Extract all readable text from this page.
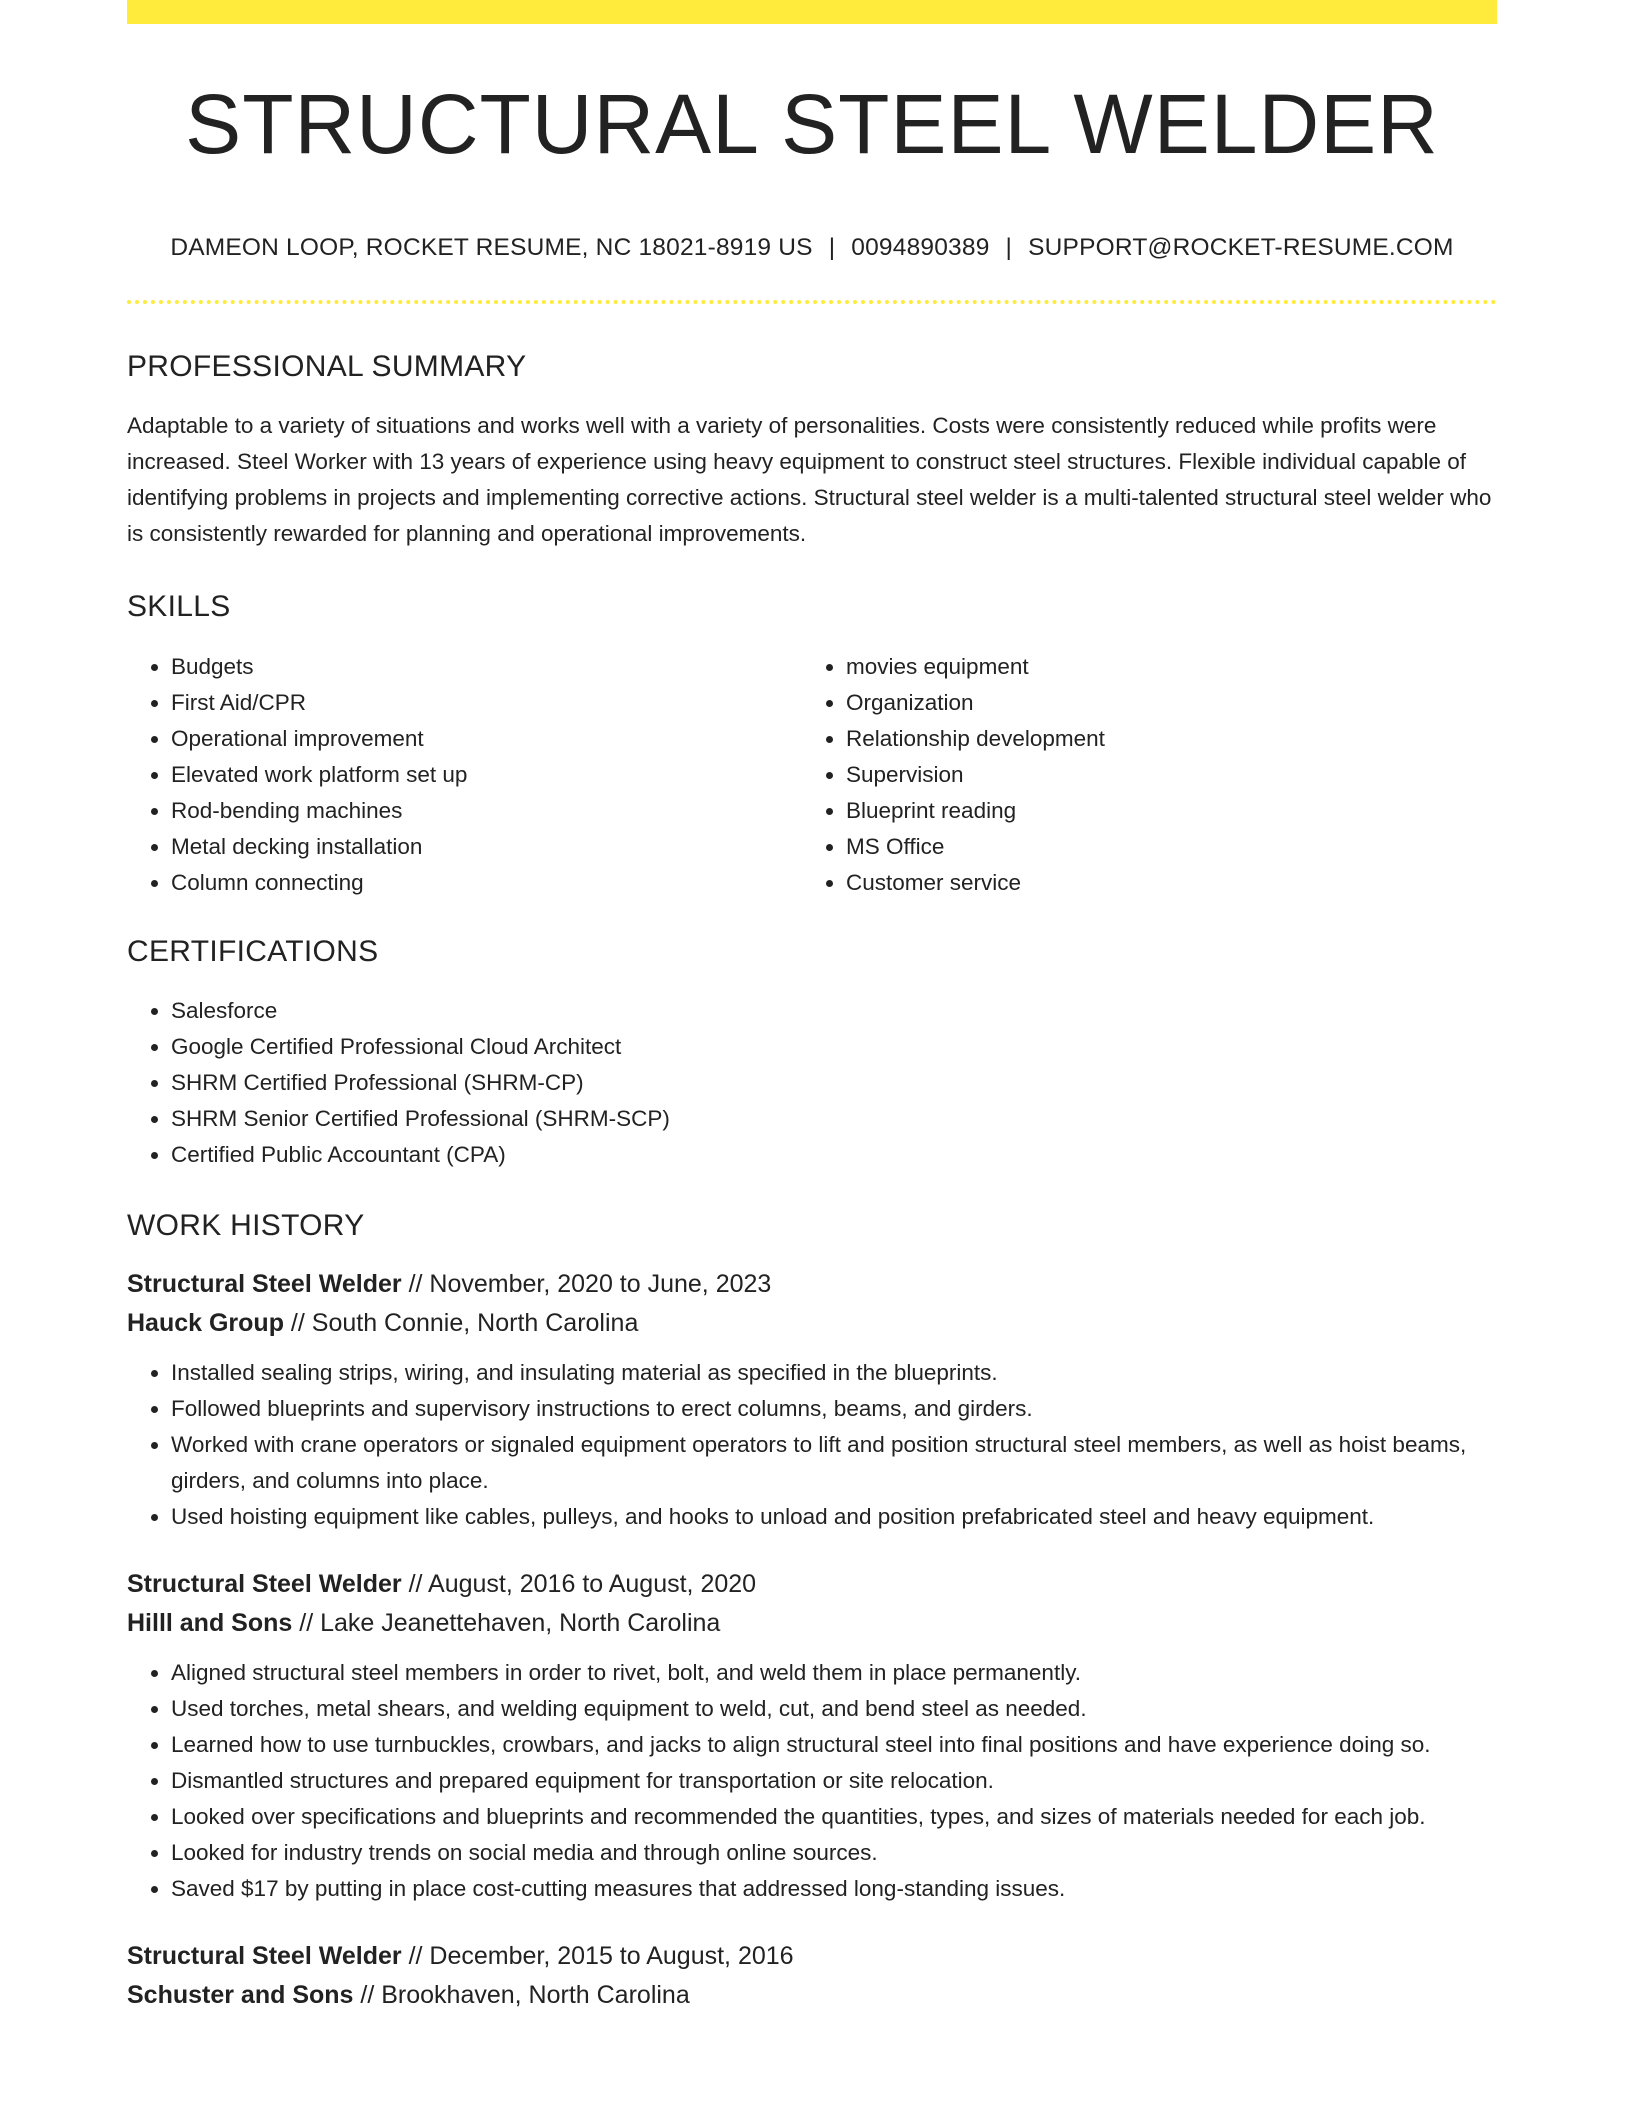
STRUCTURAL STEEL WELDER
DAMEON LOOP, ROCKET RESUME, NC 18021-8919 US | 0094890389 | SUPPORT@ROCKET-RESUME.COM
PROFESSIONAL SUMMARY

Adaptable to a variety of situations and works well with a variety of personalities. Costs were consistently reduced while profits were increased. Steel Worker with 13 years of experience using heavy equipment to construct steel structures. Flexible individual capable of identifying problems in projects and implementing corrective actions. Structural steel welder is a multi-talented structural steel welder who is consistently rewarded for planning and operational improvements.

SKILLS
• Budgets
• First Aid/CPR
• Operational improvement
• Elevated work platform set up
• Rod-bending machines
• Metal decking installation
• Column connecting
• movies equipment
• Organization
• Relationship development
• Supervision
• Blueprint reading
• MS Office
• Customer service
CERTIFICATIONS
• Salesforce
• Google Certified Professional Cloud Architect
• SHRM Certified Professional (SHRM-CP)
• SHRM Senior Certified Professional (SHRM-SCP)
• Certified Public Accountant (CPA)
WORK HISTORY
Structural Steel Welder // November, 2020 to June, 2023
Hauck Group // South Connie, North Carolina
• Installed sealing strips, wiring, and insulating material as specified in the blueprints.
• Followed blueprints and supervisory instructions to erect columns, beams, and girders.
• Worked with crane operators or signaled equipment operators to lift and position structural steel members, as well as hoist beams, girders, and columns into place.
• Used hoisting equipment like cables, pulleys, and hooks to unload and position prefabricated steel and heavy equipment.
Structural Steel Welder // August, 2016 to August, 2020
Hilll and Sons // Lake Jeanettehaven, North Carolina
• Aligned structural steel members in order to rivet, bolt, and weld them in place permanently.
• Used torches, metal shears, and welding equipment to weld, cut, and bend steel as needed.
• Learned how to use turnbuckles, crowbars, and jacks to align structural steel into final positions and have experience doing so.
• Dismantled structures and prepared equipment for transportation or site relocation.
• Looked over specifications and blueprints and recommended the quantities, types, and sizes of materials needed for each job.
• Looked for industry trends on social media and through online sources.
• Saved $17 by putting in place cost-cutting measures that addressed long-standing issues.
Structural Steel Welder // December, 2015 to August, 2016
Schuster and Sons // Brookhaven, North Carolina
